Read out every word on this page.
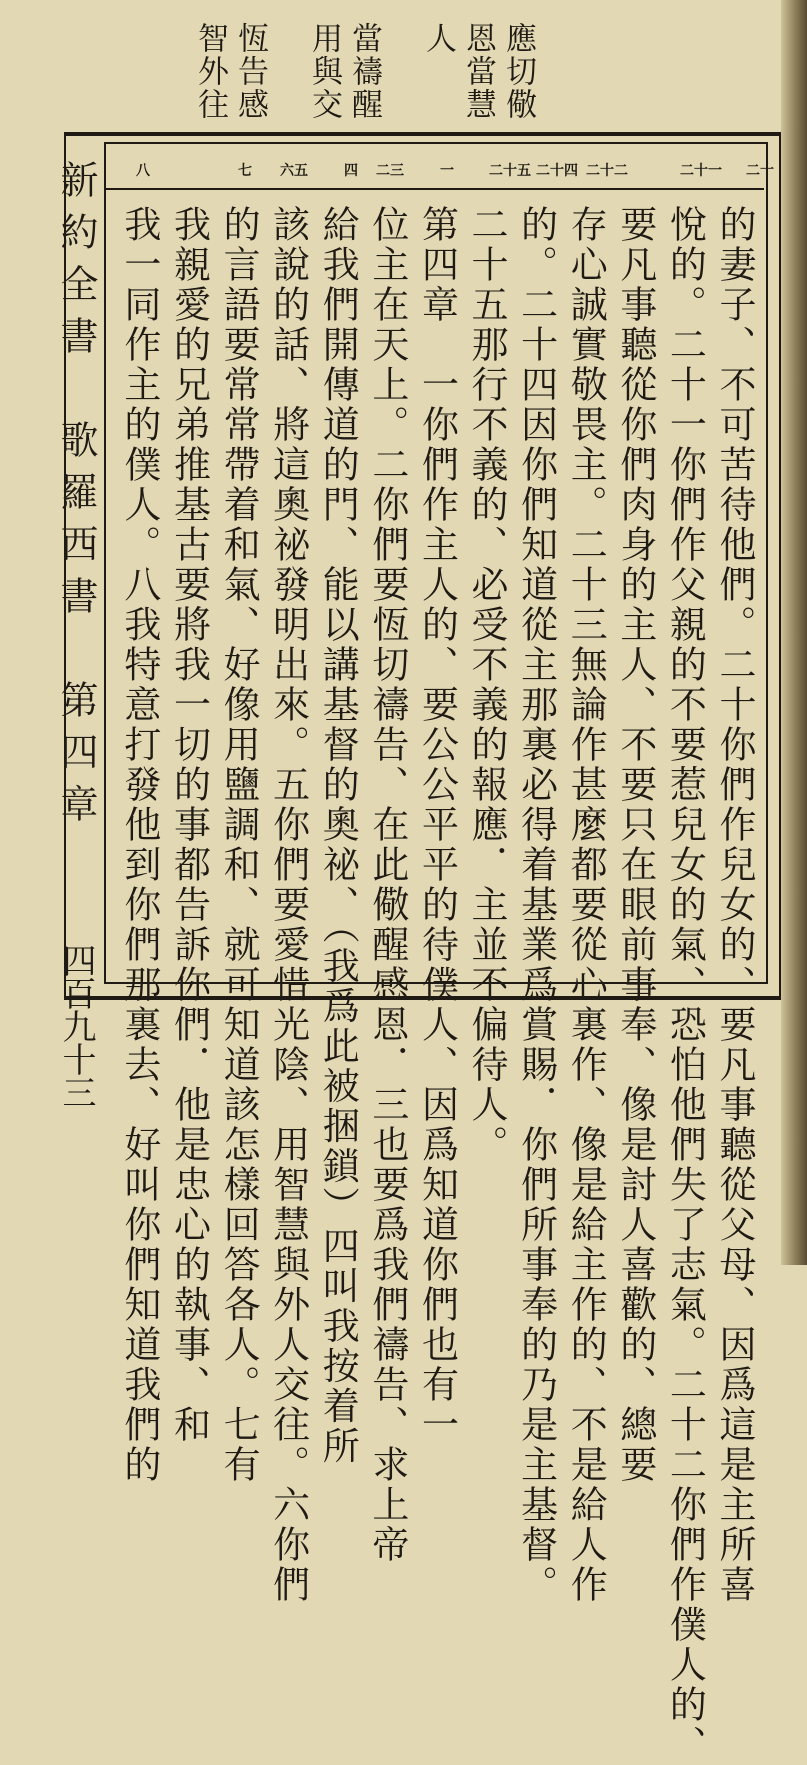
恆告感
智外往	當禱醒
用與交	應切儆恩當慧人
新約全書　歌羅西書　第四章
四百九十三
二十
二十一
二十二
二十四
二十五
一
二三
四
六五
七
八
的妻子、不可苦待他們。二十你們作兒女的、要凡事聽從父母、因爲這是主所喜
悅的。二十一你們作父親的不要惹兒女的氣、恐怕他們失了志氣。二十二你們作僕人的、
要凡事聽從你們肉身的主人、不要只在眼前事奉、像是討人喜歡的、總要
存心誠實敬畏主。二十三無論作甚麼都要從心裏作、像是給主作的、不是給人作
的。二十四因你們知道從主那裏必得着基業爲賞賜．你們所事奉的乃是主基督。
二十五那行不義的、必受不義的報應．主並不偏待人。
第四章　一你們作主人的、要公公平平的待僕人、因爲知道你們也有一
位主在天上。二你們要恆切禱告、在此儆醒感恩．三也要爲我們禱告、求上帝
給我們開傳道的門、能以講基督的奧祕、（我爲此被捆鎖）四叫我按着所
該說的話、將這奧祕發明出來。五你們要愛惜光陰、用智慧與外人交往。六你們
的言語要常常帶着和氣、好像用鹽調和、就可知道該怎樣回答各人。七有
我親愛的兄弟推基古要將我一切的事都告訴你們．他是忠心的執事、和
我一同作主的僕人。八我特意打發他到你們那裏去、好叫你們知道我們的
